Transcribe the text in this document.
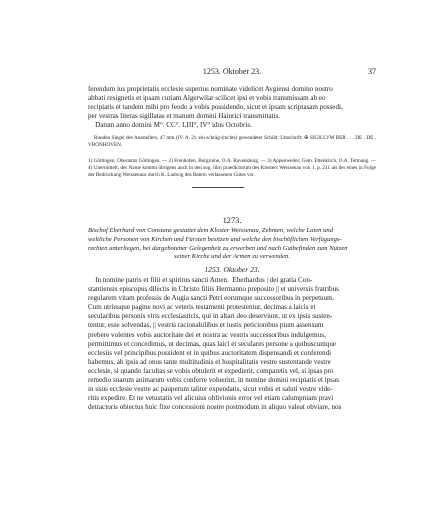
1253. Oktober 23.	37

ferendum ius proprietatis ecclesie superius nominate videlicet Avgiensi domino nostro

abbati resignetis et ipsam curiam Algerwilar scilicet ipsi et vobis transmissam ab eo

recipiatis et tandem mihi pro feodo a vobis possidendo, sicut et ipsam scriptasam possedi,

per vestras literas sigillatas et manum domini Hainrici transmittatis.

Datum anno domini M°. CC°. LIII°, IV° idus Octobris.

Runden Siegel des Ausstellers, 47 mm (IV. A. 2): ein schräg-(rechts) gewendeter Schild: Umschrift: ✠ SIGILLVM BER . . . DE . DE . VRONHOVEN.

1) Göttingen, Oberamts Göttingen. — 2) Frenhofen, Burgruine, O.A. Ravensburg. — 3) Appenweiler, Gem. Ettenkirch, O.A. Tettnang. — 4) Unermittelt; der Name kommt übrigens auch in den sog. libri praedictorum des Klosters Weissenau von 1. p. 211 als der eines in Folge der Bedrückung Weissenaus durch K. Ludwig des Baiern verlassenen Gutes vor.

1273.

Bischof Eberhard von Constanz gestattet dem Kloster Weissenau, Zehnten, welche Laien und

weltliche Personen von Kirchen und Fürsten besitzen und welche den bischöflichen Verfügungs-

rechten unterliegen, bei dargebotener Gelegenheit zu erwerben und nach Gutbefinden zum Nutzen

seiner Kirche und der Armen zu verwenden.

1253. Oktober 23.

In nomine patris et filii et spiritus sancti Amen.  Eberhardus | dei gratia Con-

stantiensis episcopus dilectis in Christo filiis Hermanno preposito || et universis fratribus

regularem vitam professis de Augia sancti Petri eorumque successoribus in perpetuum.

Cum utriusque pagine novi ac veteris testamenti protestentur, decimas a laicis et

secularibus personis viris ecclesiasticis, qui in altari deo deserviunt, ut ex ipsis susten-

tentur, esse solvendas, || vestris racionabilibus et iustis peticionibus pium assensum

prebere volentes vobis auctoritate dei et nostra ac vestris successoribus indulgemus,

permittimus et concedimus, ut decimas, quas laici et seculares persone a quibuscumque

ecclesiis vel principibus possident et in quibus auctoritatem dispensandi et conferendi

habemus, ab ipsis ad onus tante multitudinis et hospitalitatis vestre sustentande vestre

ecclesie, si quando facultas se vobis obtulerit et expedierit, comparetis vel, si ipsas pro

remedio suarum animarum vobis conferre voluerint, in nomine domini recipiatis et ipsas

in usus ecclesie vestre ac pauperum taliter expendatis, sicut vobis et saluti vestre vide-

ritis expedire. Et ne vetustatis vel alicuius oblivionis error vel etiam calumpniam pravi

detractoris obiectus huic fixe concessioni nostre postmodum in aliquo valeat obviare, nos
